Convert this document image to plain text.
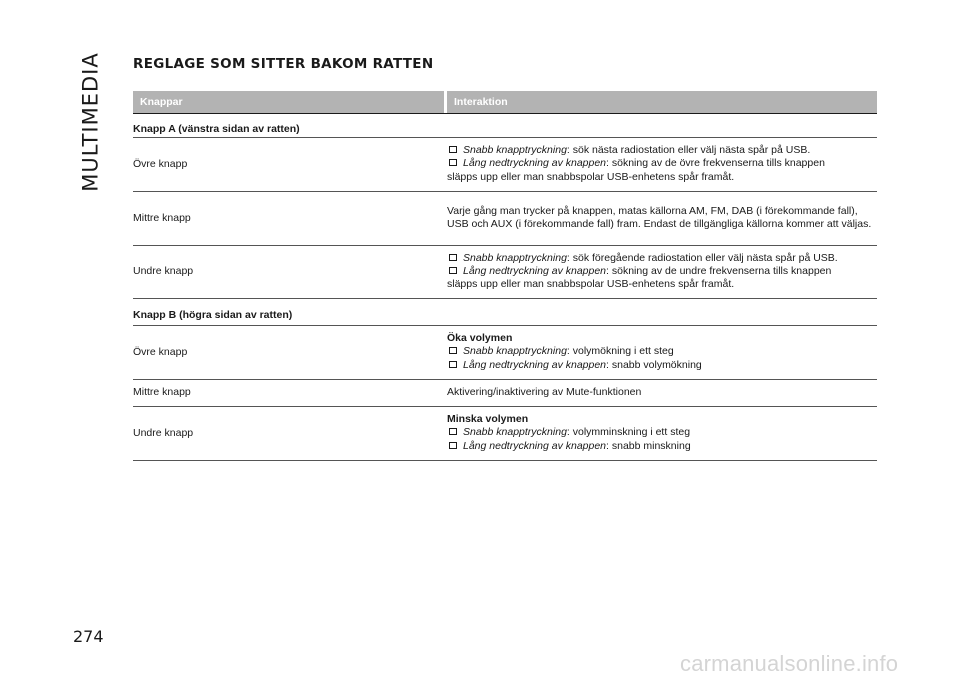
MULTIMEDIA REGLAGE SOM SITTER BAKOM RATTEN
Knappar	Interaktion
Knapp A (vänstra sidan av ratten)
Övre knapp
Snabb knapptryckning: sök nästa radiostation eller välj nästa spår på USB.
Lång nedtryckning av knappen: sökning av de övre frekvenserna tills knappen
släpps upp eller man snabbspolar USB-enhetens spår framåt.
Mittre knapp
Varje gång man trycker på knappen, matas källorna AM, FM, DAB (i förekommande fall), USB och AUX (i förekommande fall) fram. Endast de tillgängliga källorna kommer att väljas.
Undre knapp
Snabb knapptryckning: sök föregående radiostation eller välj nästa spår på USB.
Lång nedtryckning av knappen: sökning av de undre frekvenserna tills knappen
släpps upp eller man snabbspolar USB-enhetens spår framåt.
Knapp B (högra sidan av ratten)
Övre knapp
Öka volymen
Snabb knapptryckning: volymökning i ett steg
Lång nedtryckning av knappen: snabb volymökning
Mittre knapp	Aktivering/inaktivering av Mute-funktionen
Undre knapp
Minska volymen
Snabb knapptryckning: volymminskning i ett steg
Lång nedtryckning av knappen: snabb minskning
274
carmanualsonline.info
